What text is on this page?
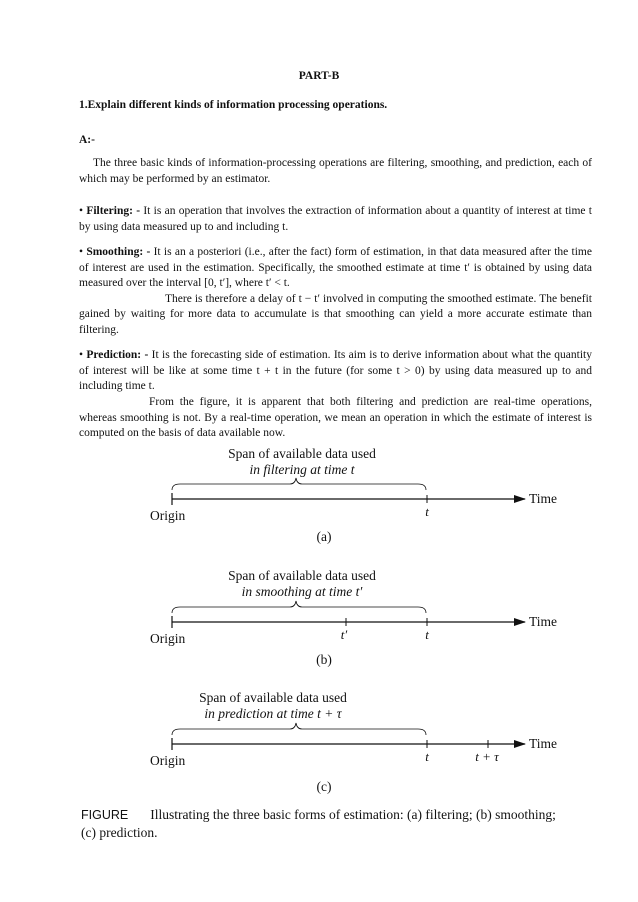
PART-B
1.Explain different kinds of information processing operations.
A:-
The three basic kinds of information-processing operations are filtering, smoothing, and prediction, each of which may be performed by an estimator.
• Filtering: - It is an operation that involves the extraction of information about a quantity of interest at time t by using data measured up to and including t.
• Smoothing: - It is an a posteriori (i.e., after the fact) form of estimation, in that data measured after the time of interest are used in the estimation. Specifically, the smoothed estimate at time t′ is obtained by using data measured over the interval [0, t′], where t′ < t.
There is therefore a delay of t − t′ involved in computing the smoothed estimate. The benefit gained by waiting for more data to accumulate is that smoothing can yield a more accurate estimate than filtering.
• Prediction: - It is the forecasting side of estimation. Its aim is to derive information about what the quantity of interest will be like at some time t + t in the future (for some t > 0) by using data measured up to and including time t.
From the figure, it is apparent that both filtering and prediction are real-time operations, whereas smoothing is not. By a real-time operation, we mean an operation in which the estimate of interest is computed on the basis of data available now.
Span of available data used
in filtering at time t
Time
Origin	t
(a)
Span of available data used
in smoothing at time t′
Time
Origin	t′	t
(b)
Span of available data used
in prediction at time t + τ
Time
Origin	t	t + τ
(c)
FIGURE Illustrating the three basic forms of estimation: (a) filtering; (b) smoothing;
(c) prediction.
